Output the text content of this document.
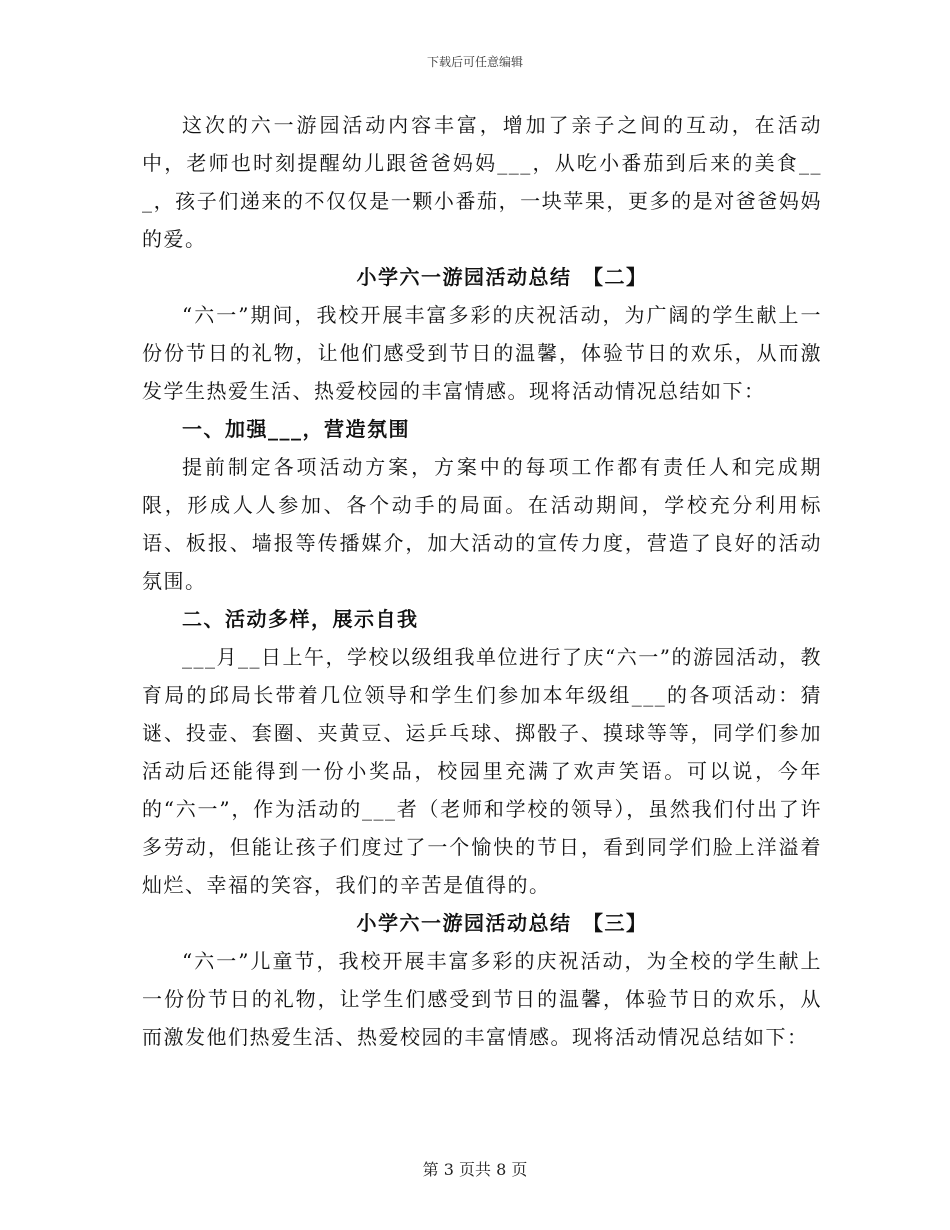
下载后可任意编辑

这次的六一游园活动内容丰富，增加了亲子之间的互动，在活动中，老师也时刻提醒幼儿跟爸爸妈妈___，从吃小番茄到后来的美食___，孩子们递来的不仅仅是一颗小番茄，一块苹果，更多的是对爸爸妈妈的爱。

小学六一游园活动总结　【二】

“六一”期间，我校开展丰富多彩的庆祝活动，为广阔的学生献上一份份节日的礼物，让他们感受到节日的温馨，体验节日的欢乐，从而激发学生热爱生活、热爱校园的丰富情感。现将活动情况总结如下：

一、加强___，营造氛围

提前制定各项活动方案，方案中的每项工作都有责任人和完成期限，形成人人参加、各个动手的局面。在活动期间，学校充分利用标语、板报、墙报等传播媒介，加大活动的宣传力度，营造了良好的活动氛围。

二、活动多样，展示自我

___月__日上午，学校以级组我单位进行了庆“六一”的游园活动，教育局的邱局长带着几位领导和学生们参加本年级组___的各项活动：猜谜、投壶、套圈、夹黄豆、运乒乓球、掷骰子、摸球等等，同学们参加活动后还能得到一份小奖品，校园里充满了欢声笑语。可以说，今年的“六一”，作为活动的___者（老师和学校的领导），虽然我们付出了许多劳动，但能让孩子们度过了一个愉快的节日，看到同学们脸上洋溢着灿烂、幸福的笑容，我们的辛苦是值得的。

小学六一游园活动总结　【三】

“六一”儿童节，我校开展丰富多彩的庆祝活动，为全校的学生献上一份份节日的礼物，让学生们感受到节日的温馨，体验节日的欢乐，从而激发他们热爱生活、热爱校园的丰富情感。现将活动情况总结如下：

第 3 页共 8 页
